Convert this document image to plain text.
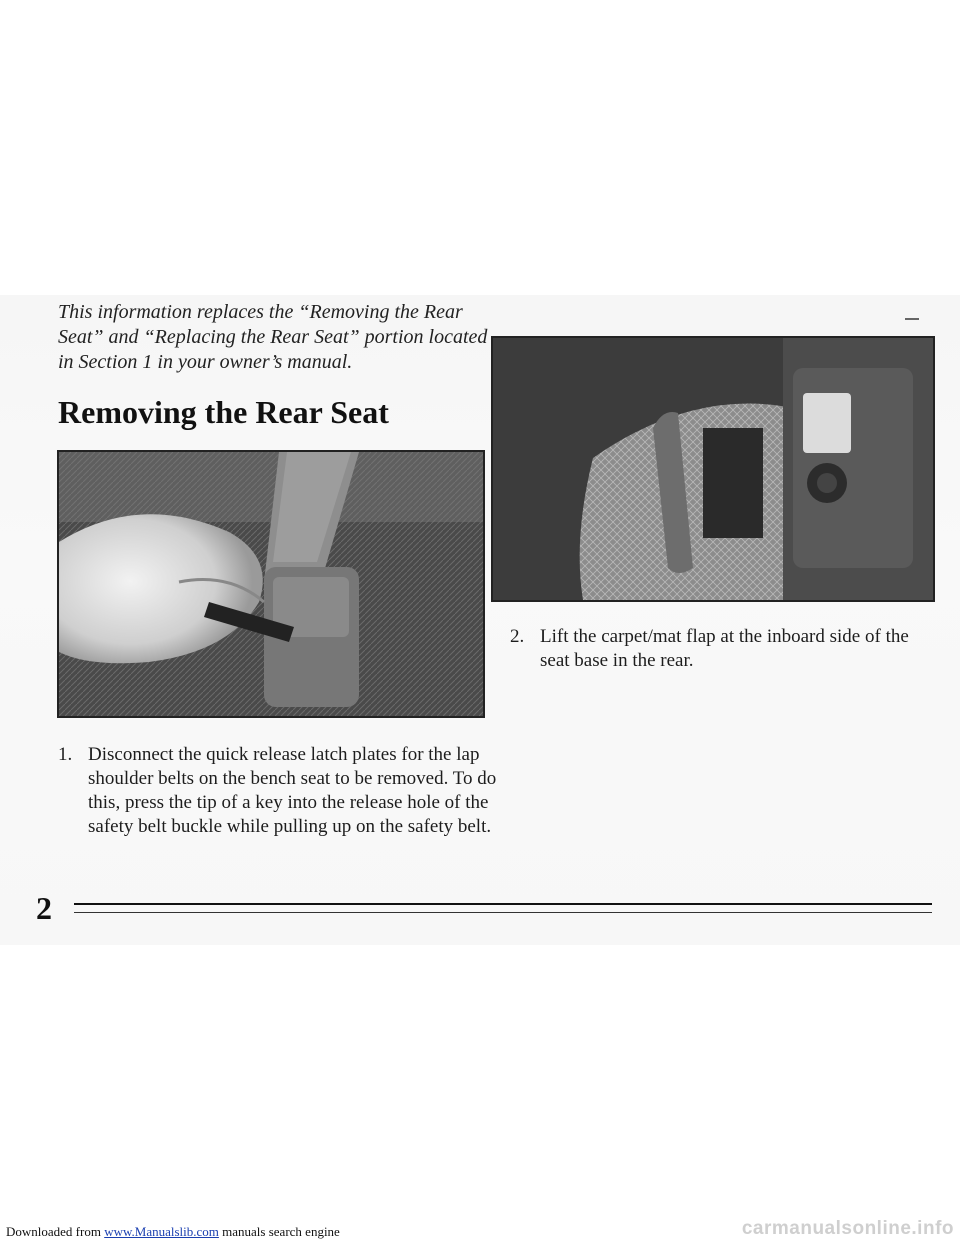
This information replaces the “Removing the Rear Seat” and “Replacing the Rear Seat” portion located in Section 1 in your owner’s manual.
Removing the Rear Seat
1. Disconnect the quick release latch plates for the lap shoulder belts on the bench seat to be removed. To do this, press the tip of a key into the release hole of the safety belt buckle while pulling up on the safety belt.
2. Lift the carpet/mat flap at the inboard side of the seat base in the rear.
2
Downloaded from www.Manualslib.com manuals search engine	carmanualsonline.info
